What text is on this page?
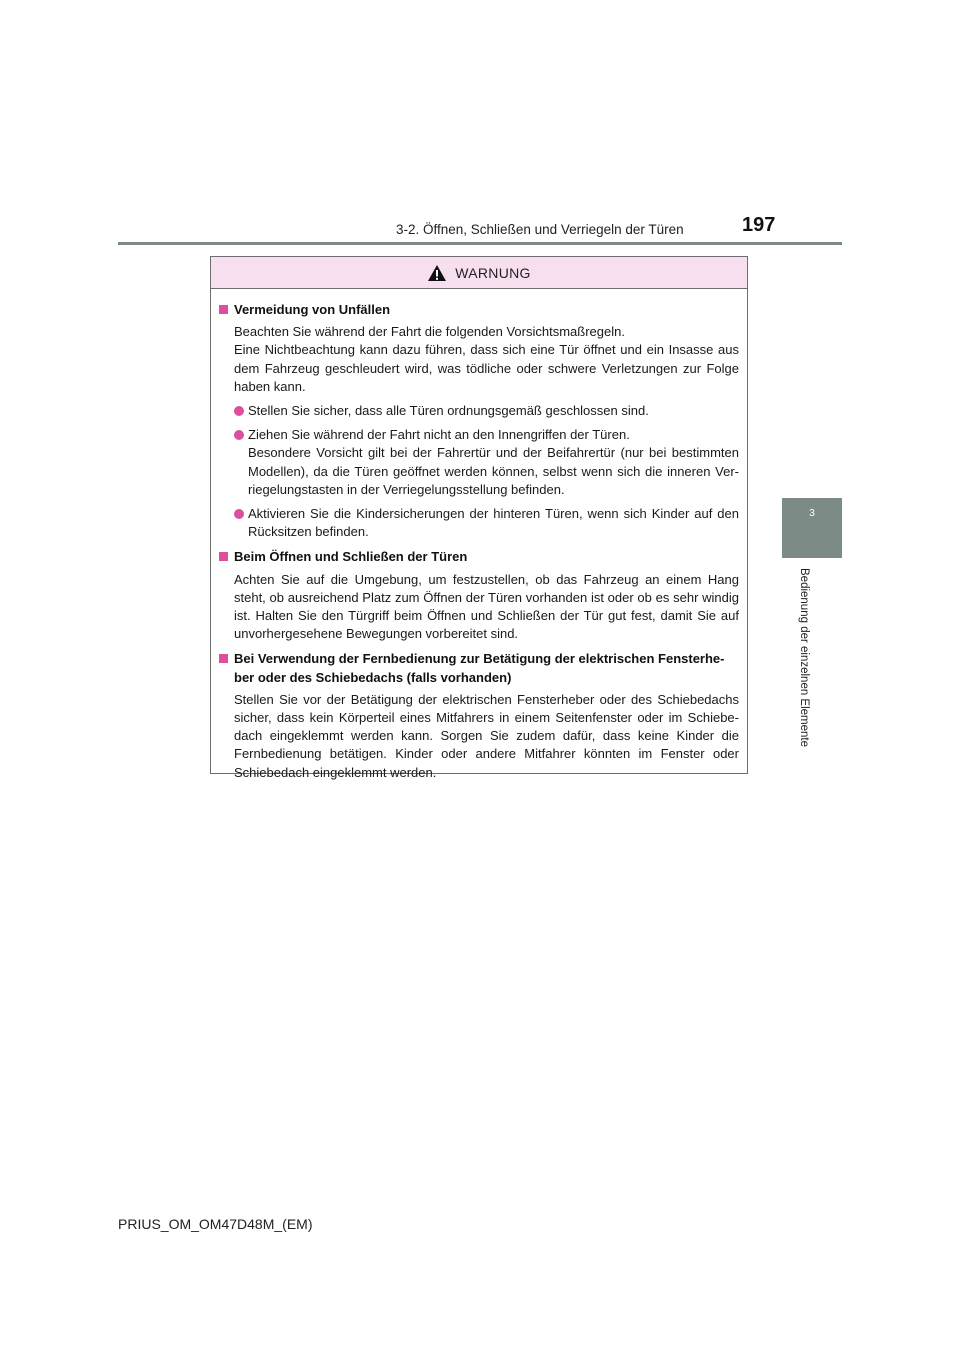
3-2. Öffnen, Schließen und Verriegeln der Türen	197
3
Bedienung der einzelnen Elemente
WARNUNG
Vermeidung von Unfällen

Beachten Sie während der Fahrt die folgenden Vorsichtsmaßregeln.

Eine Nichtbeachtung kann dazu führen, dass sich eine Tür öffnet und ein Insasse aus dem Fahrzeug geschleudert wird, was tödliche oder schwere Verletzungen zur Folge haben kann.

Stellen Sie sicher, dass alle Türen ordnungsgemäß geschlossen sind.

Ziehen Sie während der Fahrt nicht an den Innengriffen der Türen.

Besondere Vorsicht gilt bei der Fahrertür und der Beifahrertür (nur bei bestimmten Modellen), da die Türen geöffnet werden können, selbst wenn sich die inneren Ver-riegelungstasten in der Verriegelungsstellung befinden.

Aktivieren Sie die Kindersicherungen der hinteren Türen, wenn sich Kinder auf den Rücksitzen befinden.

Beim Öffnen und Schließen der Türen

Achten Sie auf die Umgebung, um festzustellen, ob das Fahrzeug an einem Hang steht, ob ausreichend Platz zum Öffnen der Türen vorhanden ist oder ob es sehr windig ist. Halten Sie den Türgriff beim Öffnen und Schließen der Tür gut fest, damit Sie auf unvorhergesehene Bewegungen vorbereitet sind.

Bei Verwendung der Fernbedienung zur Betätigung der elektrischen Fensterhe-ber oder des Schiebedachs (falls vorhanden)

Stellen Sie vor der Betätigung der elektrischen Fensterheber oder des Schiebedachs sicher, dass kein Körperteil eines Mitfahrers in einem Seitenfenster oder im Schiebe-dach eingeklemmt werden kann. Sorgen Sie zudem dafür, dass keine Kinder die Fernbedienung betätigen. Kinder oder andere Mitfahrer könnten im Fenster oder Schiebedach eingeklemmt werden.

PRIUS_OM_OM47D48M_(EM)
